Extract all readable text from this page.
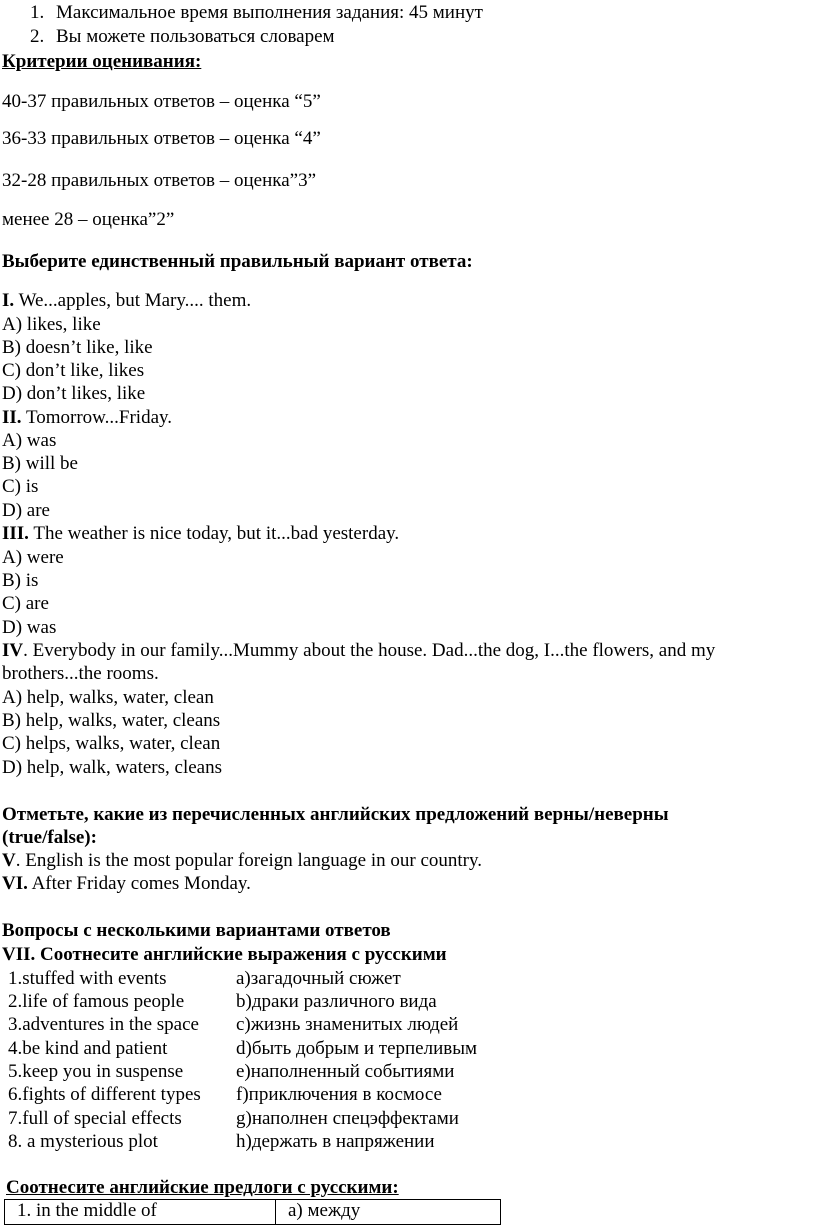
1. Максимальное время выполнения задания: 45 минут
2. Вы можете пользоваться словарем
Критерии оценивания:
40-37 правильных ответов – оценка “5”
36-33 правильных ответов – оценка “4”
32-28 правильных ответов – оценка”3”
менее 28 – оценка”2”
Выберите единственный правильный вариант ответа:
I. We...apples, but Mary.... them.
A) likes, like
B) doesn’t like, like
C) don’t like, likes
D) don’t likes, like
II. Tomorrow...Friday.
A) was
B) will be
C) is
D) are
III. The weather is nice today, but it...bad yesterday.
A) were
B) is
C) are
D) was
IV. Everybody in our family...Mummy about the house. Dad...the dog, I...the flowers, and my
brothers...the rooms.
A) help, walks, water, clean
B) help, walks, water, cleans
C) helps, walks, water, clean
D) help, walk, waters, cleans
Отметьте, какие из перечисленных английских предложений верны/неверны
(true/false):
V. English is the most popular foreign language in our country.
VI. After Friday comes Monday.
Вопросы с несколькими вариантами ответов
VII. Соотнесите английские выражения с русскими
1.stuffed with events	a)загадочный сюжет
2.life of famous people	b)драки различного вида
3.adventures in the space c)жизнь знаменитых людей
4.be kind and patient	d)быть добрым и терпеливым
5.keep you in suspense	e)наполненный событиями
6.fights of different types f)приключения в космосе
7.full of special effects	g)наполнен спецэффектами
8. a mysterious plot	h)держать в напряжении
Соотнесите английские предлоги с русскими:
1. in the middle of	a) между
